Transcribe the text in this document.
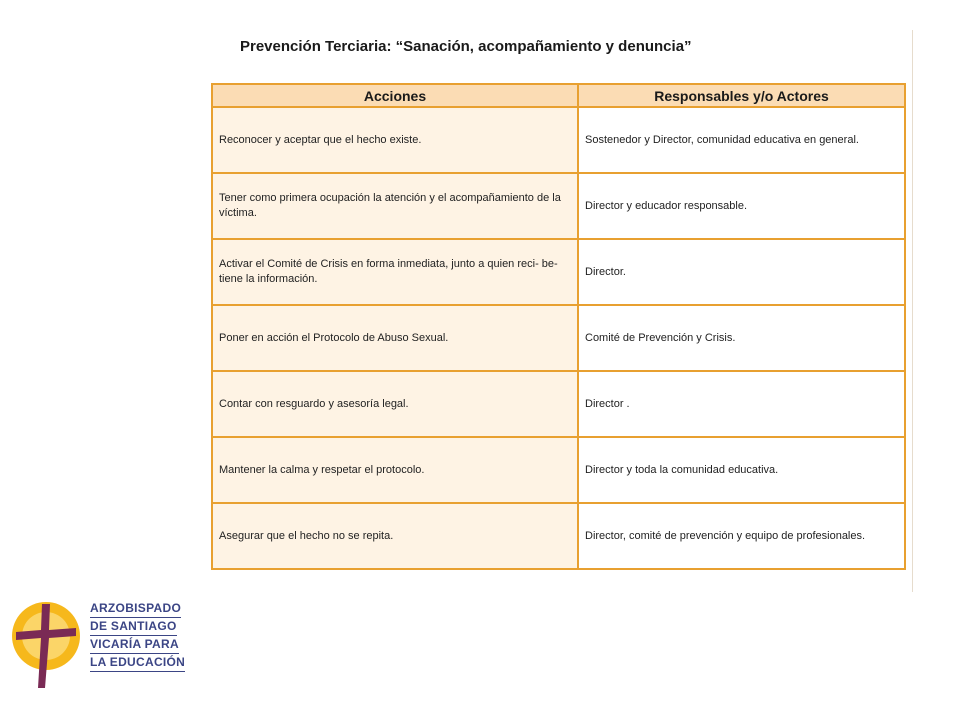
Prevención Terciaria: “Sanación, acompañamiento y denuncia”
Acciones	Responsables y/o Actores
Reconocer y aceptar que el hecho existe.	Sostenedor y Director, comunidad educativa en general.
Tener como primera ocupación la atención y el acompañamiento de la víctima.	Director y educador responsable.
Activar el Comité de Crisis en forma inmediata, junto a quien reci- be- tiene la información.	Director.
Poner en acción el Protocolo de Abuso Sexual.	Comité de Prevención y Crisis.
Contar con resguardo y asesoría legal.	Director .
Mantener la calma y respetar el protocolo.	Director y toda la comunidad educativa.
Asegurar que el hecho no se repita.	Director, comité de prevención y equipo de profesionales.
ARZOBISPADO
DE SANTIAGO
VICARÍA PARA
LA EDUCACIÓN
